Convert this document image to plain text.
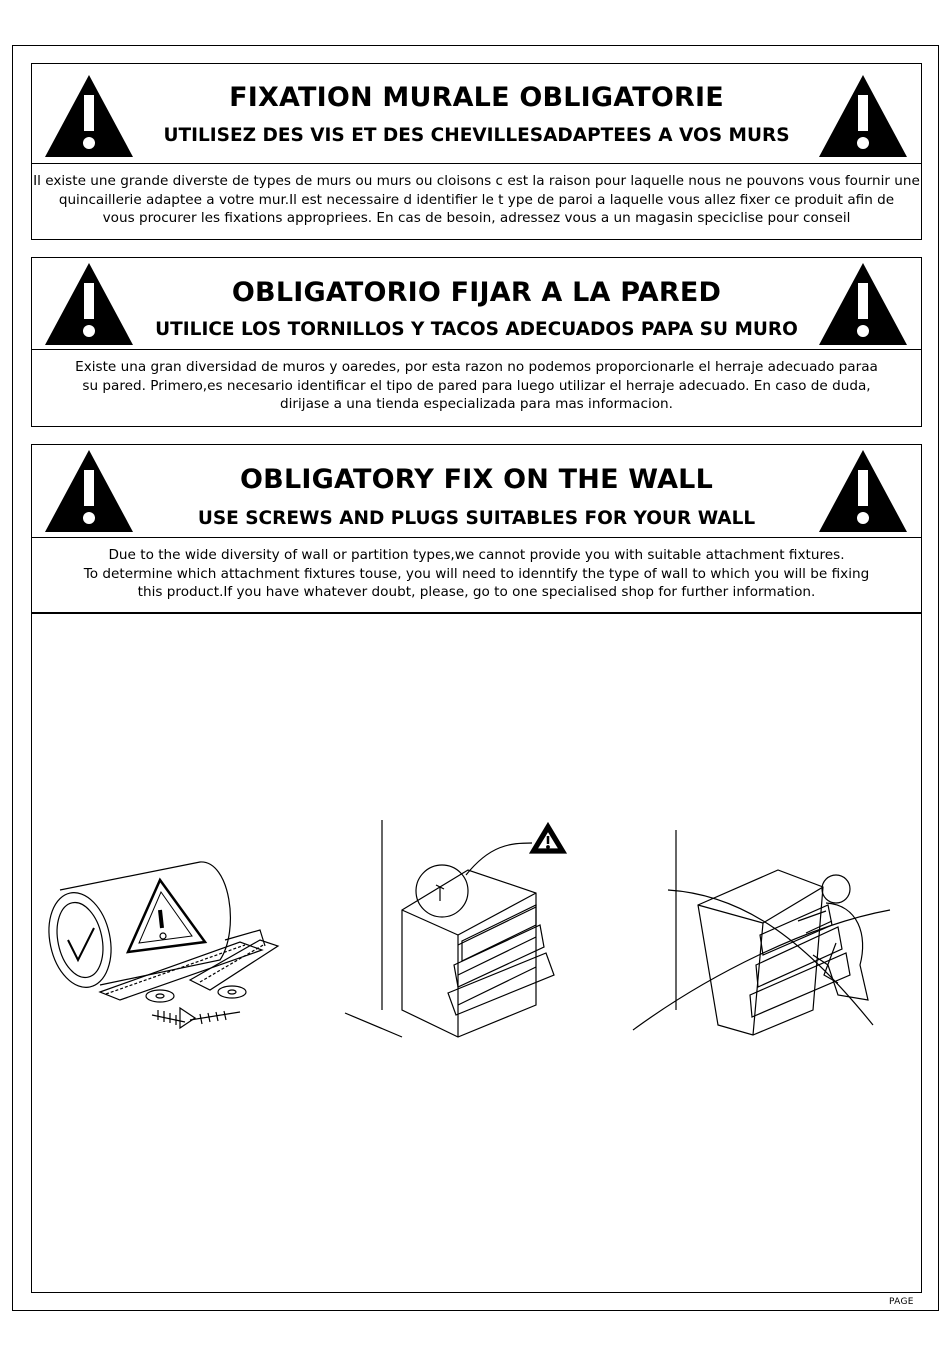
FIXATION MURALE OBLIGATORIE
UTILISEZ DES VIS ET DES CHEVILLESADAPTEES A VOS MURS
Il existe une grande diverste de types de murs ou murs ou cloisons c est la raison pour laquelle nous ne pouvons vous fournir une
quincaillerie adaptee a votre mur.Il est necessaire d identifier le t ype de paroi a laquelle vous allez fixer ce produit afin de
vous procurer les fixations appropriees. En cas de besoin, adressez vous a un magasin speciclise pour conseil
OBLIGATORIO FIJAR A LA PARED
UTILICE LOS TORNILLOS Y TACOS ADECUADOS PAPA SU MURO
Existe una gran diversidad de muros y oaredes, por esta razon no podemos proporcionarle el herraje adecuado paraa
su pared. Primero,es necesario identificar el tipo de pared para luego utilizar el herraje adecuado. En caso de duda,
dirijase a una tienda especializada para mas informacion.
OBLIGATORY FIX ON THE WALL
USE SCREWS AND PLUGS SUITABLES FOR YOUR WALL
Due to the wide diversity of wall or partition types,we cannot provide you with suitable attachment fixtures.
To determine which attachment fixtures touse, you will need to idenntify the type of wall to which you will be fixing
this product.If you have whatever doubt, please, go to one specialised shop for further information.
PAGE
